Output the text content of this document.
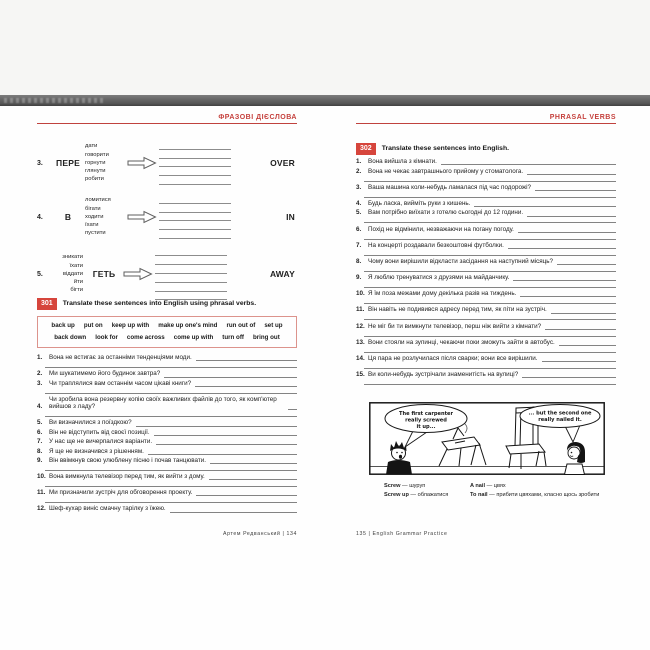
ФРАЗОВІ ДІЄСЛОВА
3.	ПЕРЕ
дати
говорити
горнути
глянути
робити
OVER
4.	В
ломитися
бігати
ходити
їхати
пустити
IN
5.
зникати
їхати
віддати
йти
бігти
ГЕТЬ	AWAY
301	Translate these sentences into English using phrasal verbs.
back up put on keep up with make up one's mind run out of set up
back down look for come across come up with turn off bring out
1.	Вона не встигає за останніми тенденціями моди.
2.	Ми шукатимемо його будинок завтра?
3.	Чи траплялися вам останнім часом цікаві книги?
4.
Чи зробила вона резервну копію своїх важливих файлів до того, як комп'ютер вийшов з ладу?
5.	Ви визначилися з поїздкою?
6.	Він не відступить від своєї позиції.
7.	У нас ще не вичерпалися варіанти.
8.	Я ще не визначився з рішенням.
9.	Він ввімкнув свою улюблену пісню і почав танцювати.
10. Вона вимкнула телевізор перед тим, як вийти з дому.
11. Ми призначили зустріч для обговорення проекту.
12. Шеф-кухар виніс смачну тарілку з їжею.
Артем Редванський | 134
PHRASAL VERBS
302	Translate these sentences into English.
1.	Вона вийшла з кімнати.
2.	Вона не чекає завтрашнього прийому у стоматолога.
3.	Ваша машина коли-небудь ламалася під час подорожі?
4.	Будь ласка, вийміть руки з кишень.
5.	Вам потрібно виїхати з готелю сьогодні до 12 години.
6.	Похід не відмінили, незважаючи на погану погоду.
7.	На концерті роздавали безкоштовні футболки.
8.	Чому вони вирішили відкласти засідання на наступний місяць?
9.	Я люблю тренуватися з друзями на майданчику.
10. Я їм поза межами дому декілька разів на тиждень.
11. Він навіть не подивився адресу перед тим, як піти на зустріч.
12. Не міг би ти вимкнути телевізор, перш ніж вийти з кімнати?
13. Вони стояли на зупинці, чекаючи поки зможуть зайти в автобус.
14. Ця пара не розлучилася після сварки; вони все вирішили.
15. Ви коли-небудь зустрічали знаменитість на вулиці?
The first carpenter
really screwed
it up...
... but the second one
really nailed it.
Screw — шуруп	A nail — цвях
Screw up — облажатися	To nail — прибити цвяхами, класно щось зробити
135 | English Grammar Practice
